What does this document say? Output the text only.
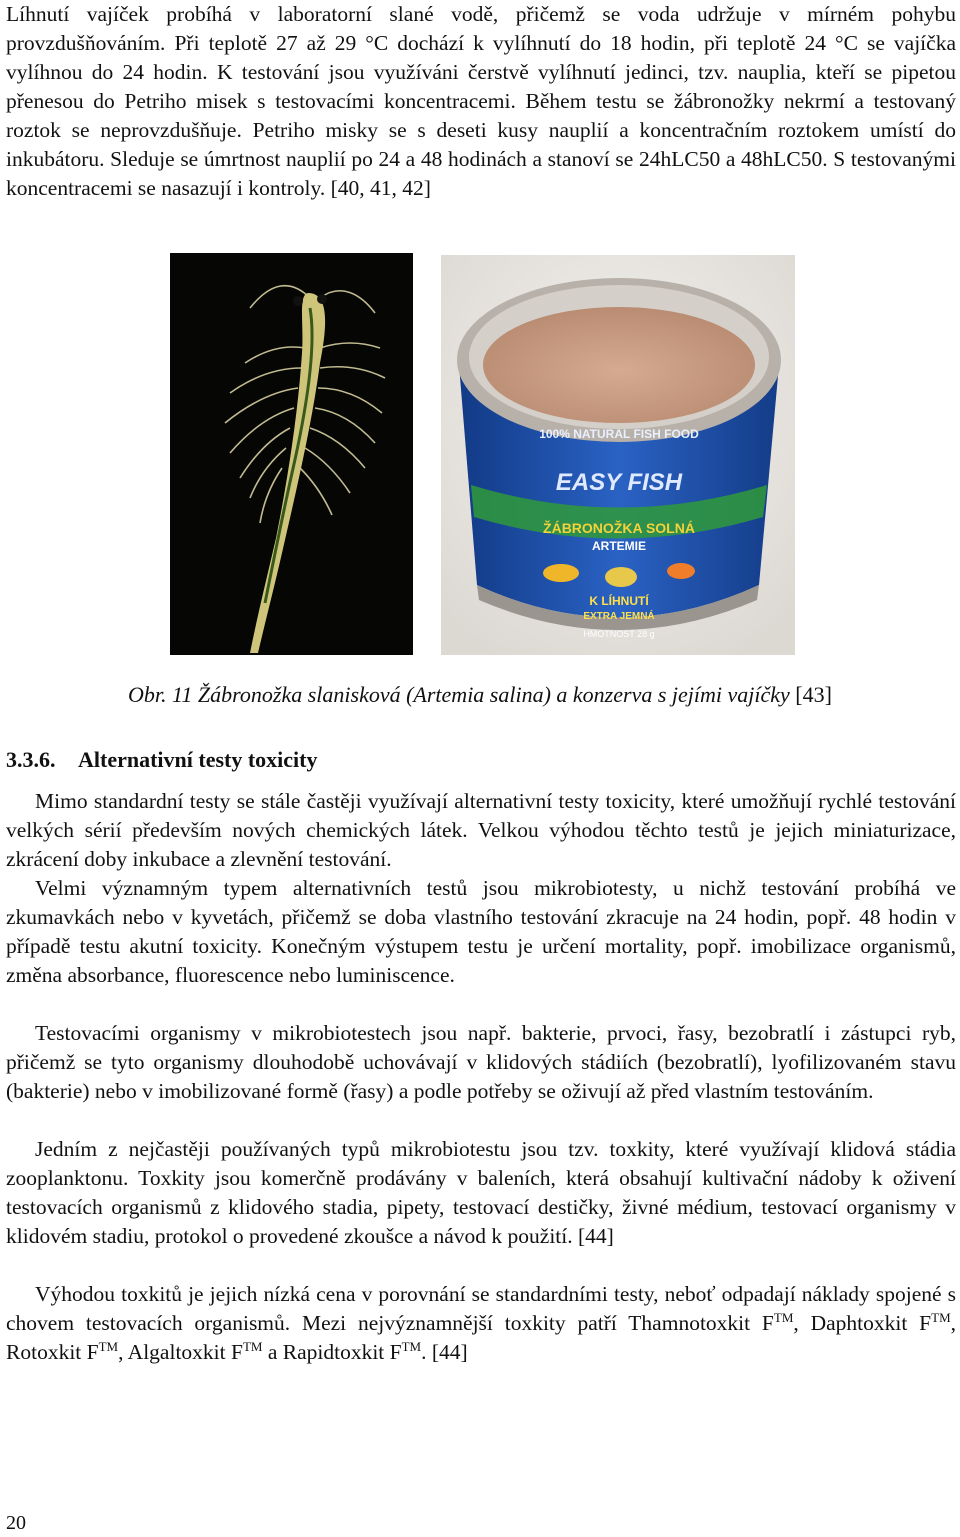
Líhnutí vajíček probíhá v laboratorní slané vodě, přičemž se voda udržuje v mírném pohybu provzdušňováním. Při teplotě 27 až 29 °C dochází k vylíhnutí do 18 hodin, při teplotě 24 °C se vajíčka vylíhnou do 24 hodin. K testování jsou využíváni čerstvě vylíhnutí jedinci, tzv. nauplia, kteří se pipetou přenesou do Petriho misek s testovacími koncentracemi. Během testu se žábronožky nekrmí a testovaný roztok se neprovzdušňuje. Petriho misky se s deseti kusy nauplií a koncentračním roztokem umístí do inkubátoru. Sleduje se úmrtnost nauplií po 24 a 48 hodinách a stanoví se 24hLC50 a 48hLC50. S testovanými koncentracemi se nasazují i kontroly. [40, 41, 42]

100% NATURAL FISH FOOD
EASY FISH
ŽÁBRONOŽKA SOLNÁ
ARTEMIE
K LÍHNUTÍ
EXTRA JEMNÁ
HMOTNOST 28 g
Obr. 11 Žábronožka slanisková (Artemia salina) a konzerva s jejími vajíčky [43]
3.3.6. Alternativní testy toxicity

Mimo standardní testy se stále častěji využívají alternativní testy toxicity, které umožňují rychlé testování velkých sérií především nových chemických látek. Velkou výhodou těchto testů je jejich miniaturizace, zkrácení doby inkubace a zlevnění testování.

Velmi významným typem alternativních testů jsou mikrobiotesty, u nichž testování probíhá ve zkumavkách nebo v kyvetách, přičemž se doba vlastního testování zkracuje na 24 hodin, popř. 48 hodin v případě testu akutní toxicity. Konečným výstupem testu je určení mortality, popř. imobilizace organismů, změna absorbance, fluorescence nebo luminiscence.

Testovacími organismy v mikrobiotestech jsou např. bakterie, prvoci, řasy, bezobratlí i zástupci ryb, přičemž se tyto organismy dlouhodobě uchovávají v klidových stádiích (bezobratlí), lyofilizovaném stavu (bakterie) nebo v imobilizované formě (řasy) a podle potřeby se oživují až před vlastním testováním.

Jedním z nejčastěji používaných typů mikrobiotestu jsou tzv. toxkity, které využívají klidová stádia zooplanktonu. Toxkity jsou komerčně prodávány v baleních, která obsahují kultivační nádoby k oživení testovacích organismů z klidového stadia, pipety, testovací destičky, živné médium, testovací organismy v klidovém stadiu, protokol o provedené zkoušce a návod k použití. [44]

Výhodou toxkitů je jejich nízká cena v porovnání se standardními testy, neboť odpadají náklady spojené s chovem testovacích organismů. Mezi nejvýznamnější toxkity patří Thamnotoxkit F™, Daphtoxkit F™, Rotoxkit F™, Algaltoxkit F™ a Rapidtoxkit F™. [44]

20
